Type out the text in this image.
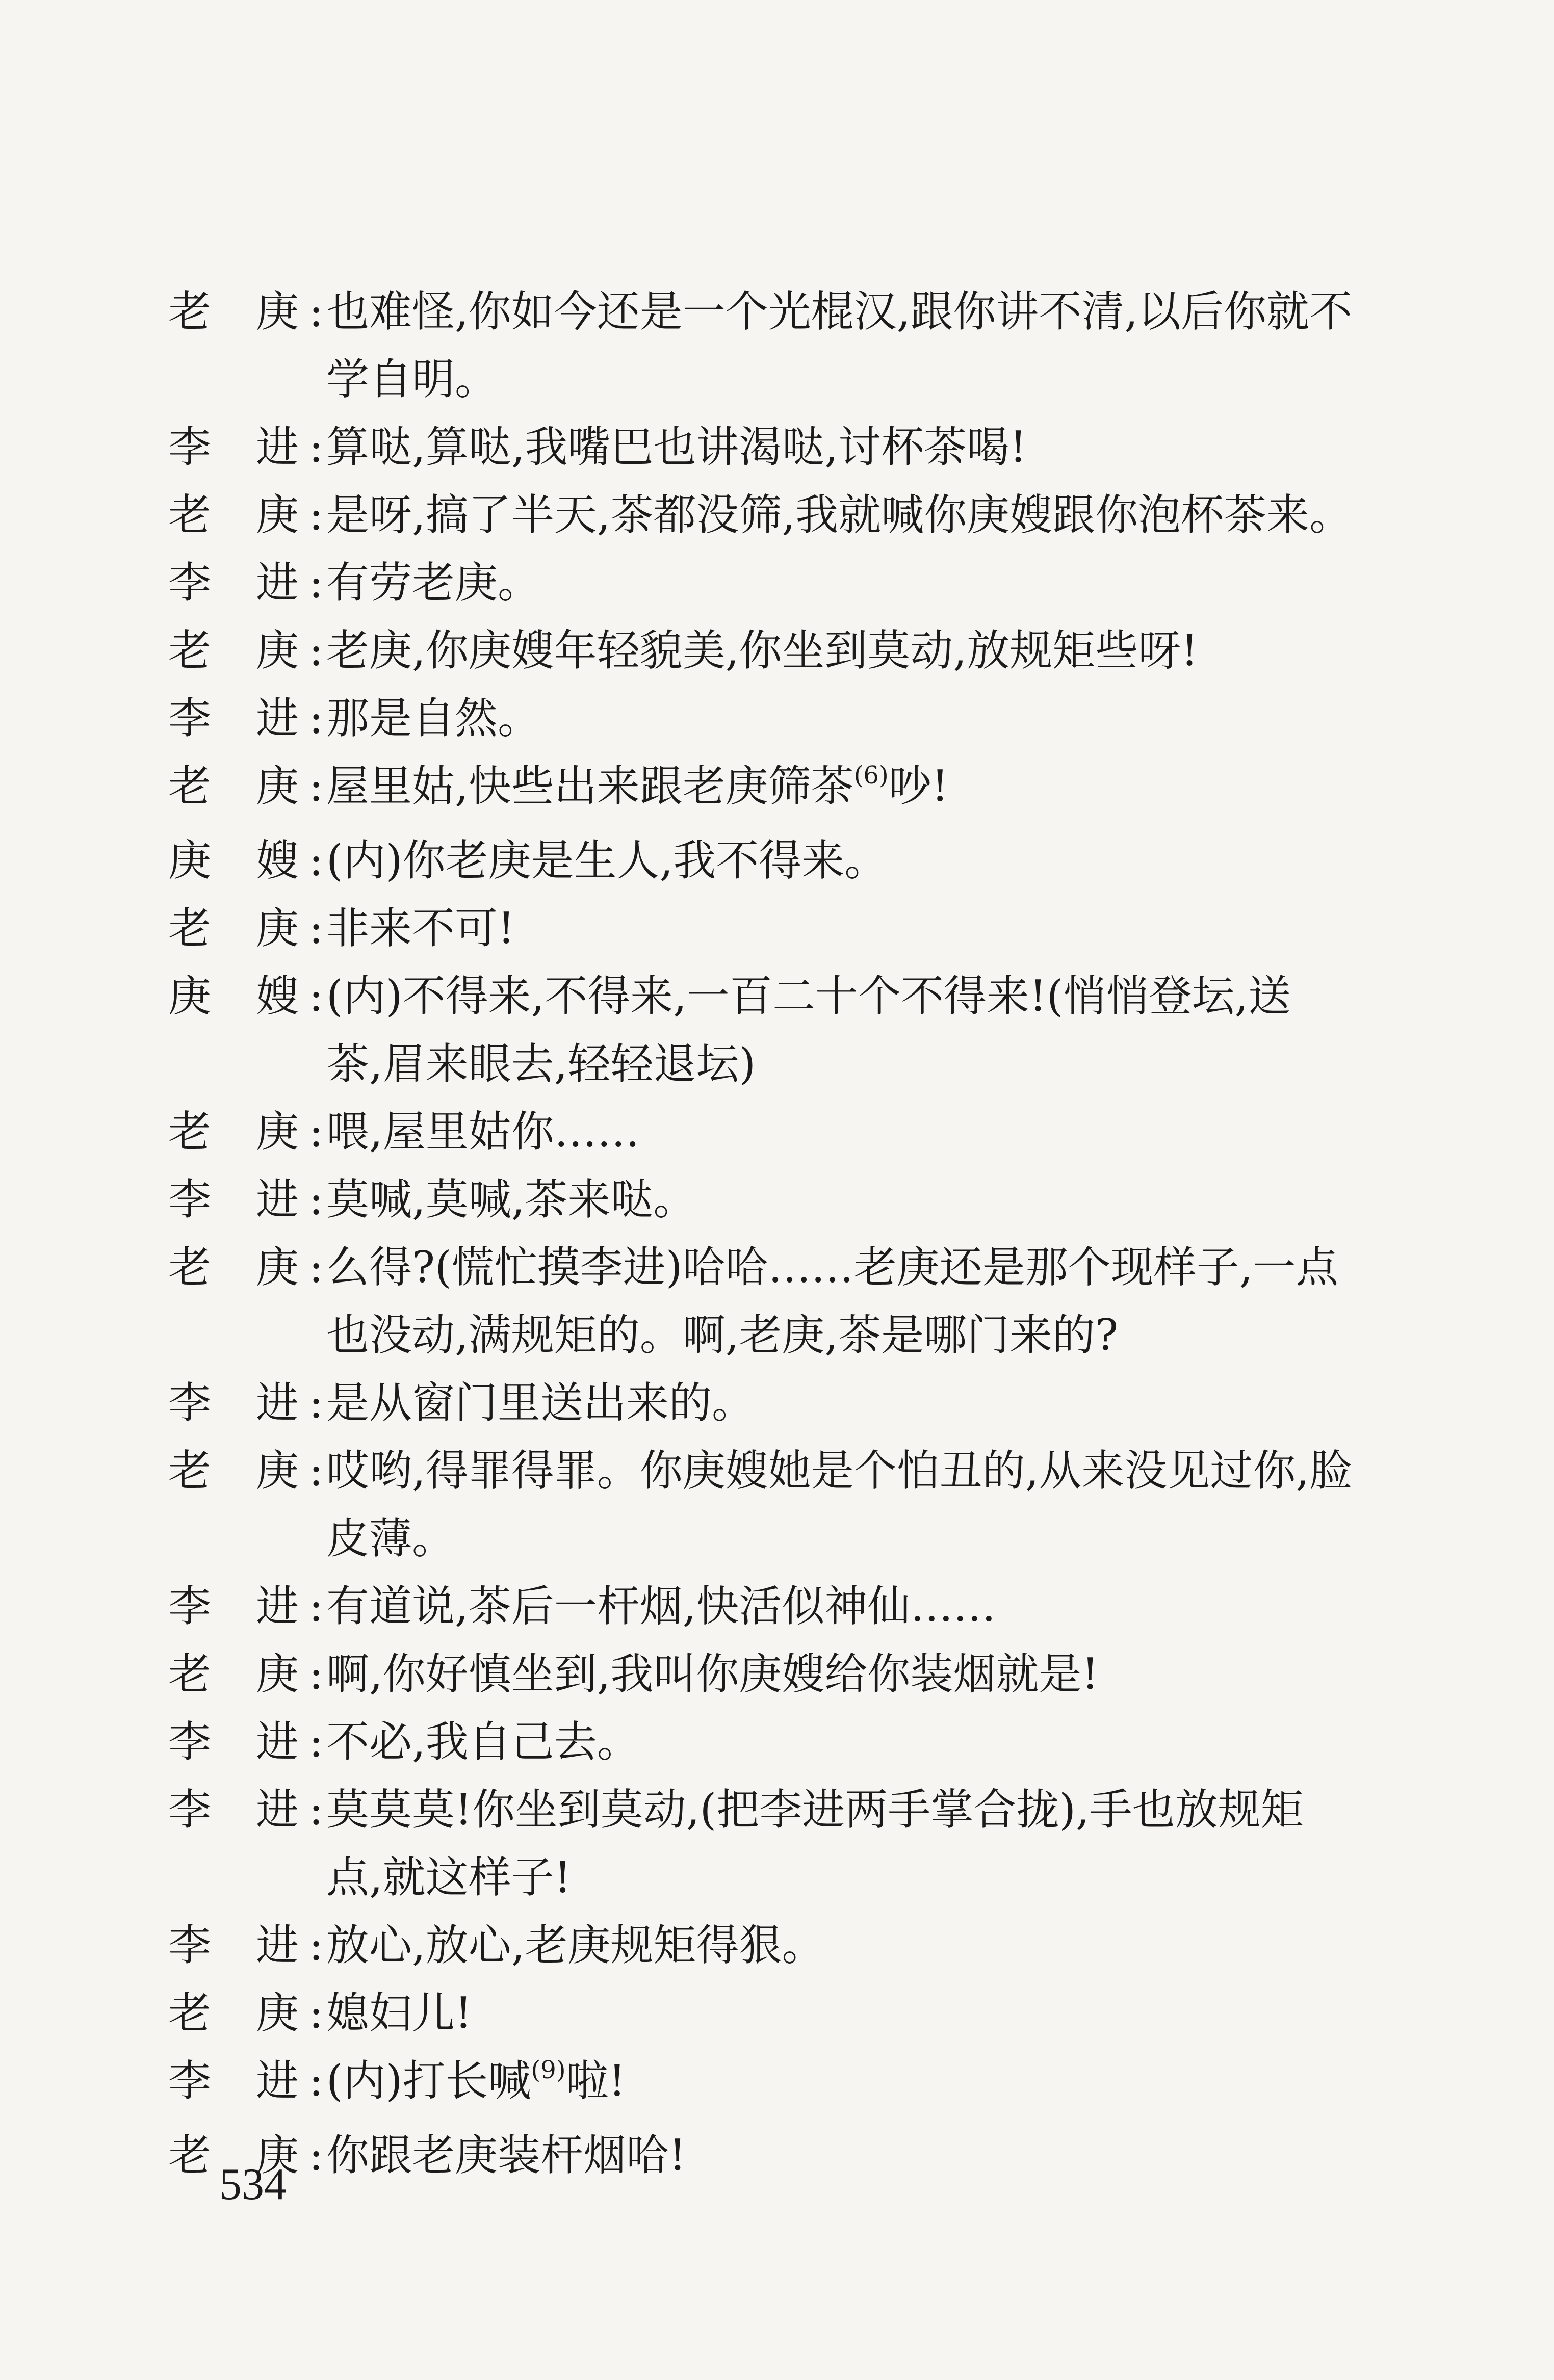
老 庚 : 也难怪,你如今还是一个光棍汉,跟你讲不清,以后你就不
学自明。
李 进 : 算哒,算哒,我嘴巴也讲渴哒,讨杯茶喝!
老 庚 : 是呀,搞了半天,茶都没筛,我就喊你庚嫂跟你泡杯茶来。
李 进 : 有劳老庚。
老 庚 : 老庚,你庚嫂年轻貌美,你坐到莫动,放规矩些呀!
李 进 : 那是自然。
老 庚 : 屋里姑,快些出来跟老庚筛茶$^{(6)}$吵!
庚 嫂 : (内)你老庚是生人,我不得来。
老 庚 : 非来不可!
庚 嫂 : (内)不得来,不得来,一百二十个不得来!(悄悄登坛,送
茶,眉来眼去,轻轻退坛)
老 庚 : 喂,屋里姑你……
李 进 : 莫喊,莫喊,茶来哒。
老 庚 : 么得?(慌忙摸李进)哈哈……老庚还是那个现样子,一点
也没动,满规矩的。啊,老庚,茶是哪门来的?
李 进 : 是从窗门里送出来的。
老 庚 : 哎哟,得罪得罪。你庚嫂她是个怕丑的,从来没见过你,脸
皮薄。
李 进 : 有道说,茶后一杆烟,快活似神仙……
老 庚 : 啊,你好慎坐到,我叫你庚嫂给你装烟就是!
李 进 : 不必,我自己去。
李 进 : 莫莫莫!你坐到莫动,(把李进两手掌合拢),手也放规矩
点,就这样子!
李 进 : 放心,放心,老庚规矩得狠。
老 庚 : 媳妇儿!
李 进 : (内)打长喊$^{(9)}$啦!
老 庚 : 你跟老庚装杆烟哈!
534
